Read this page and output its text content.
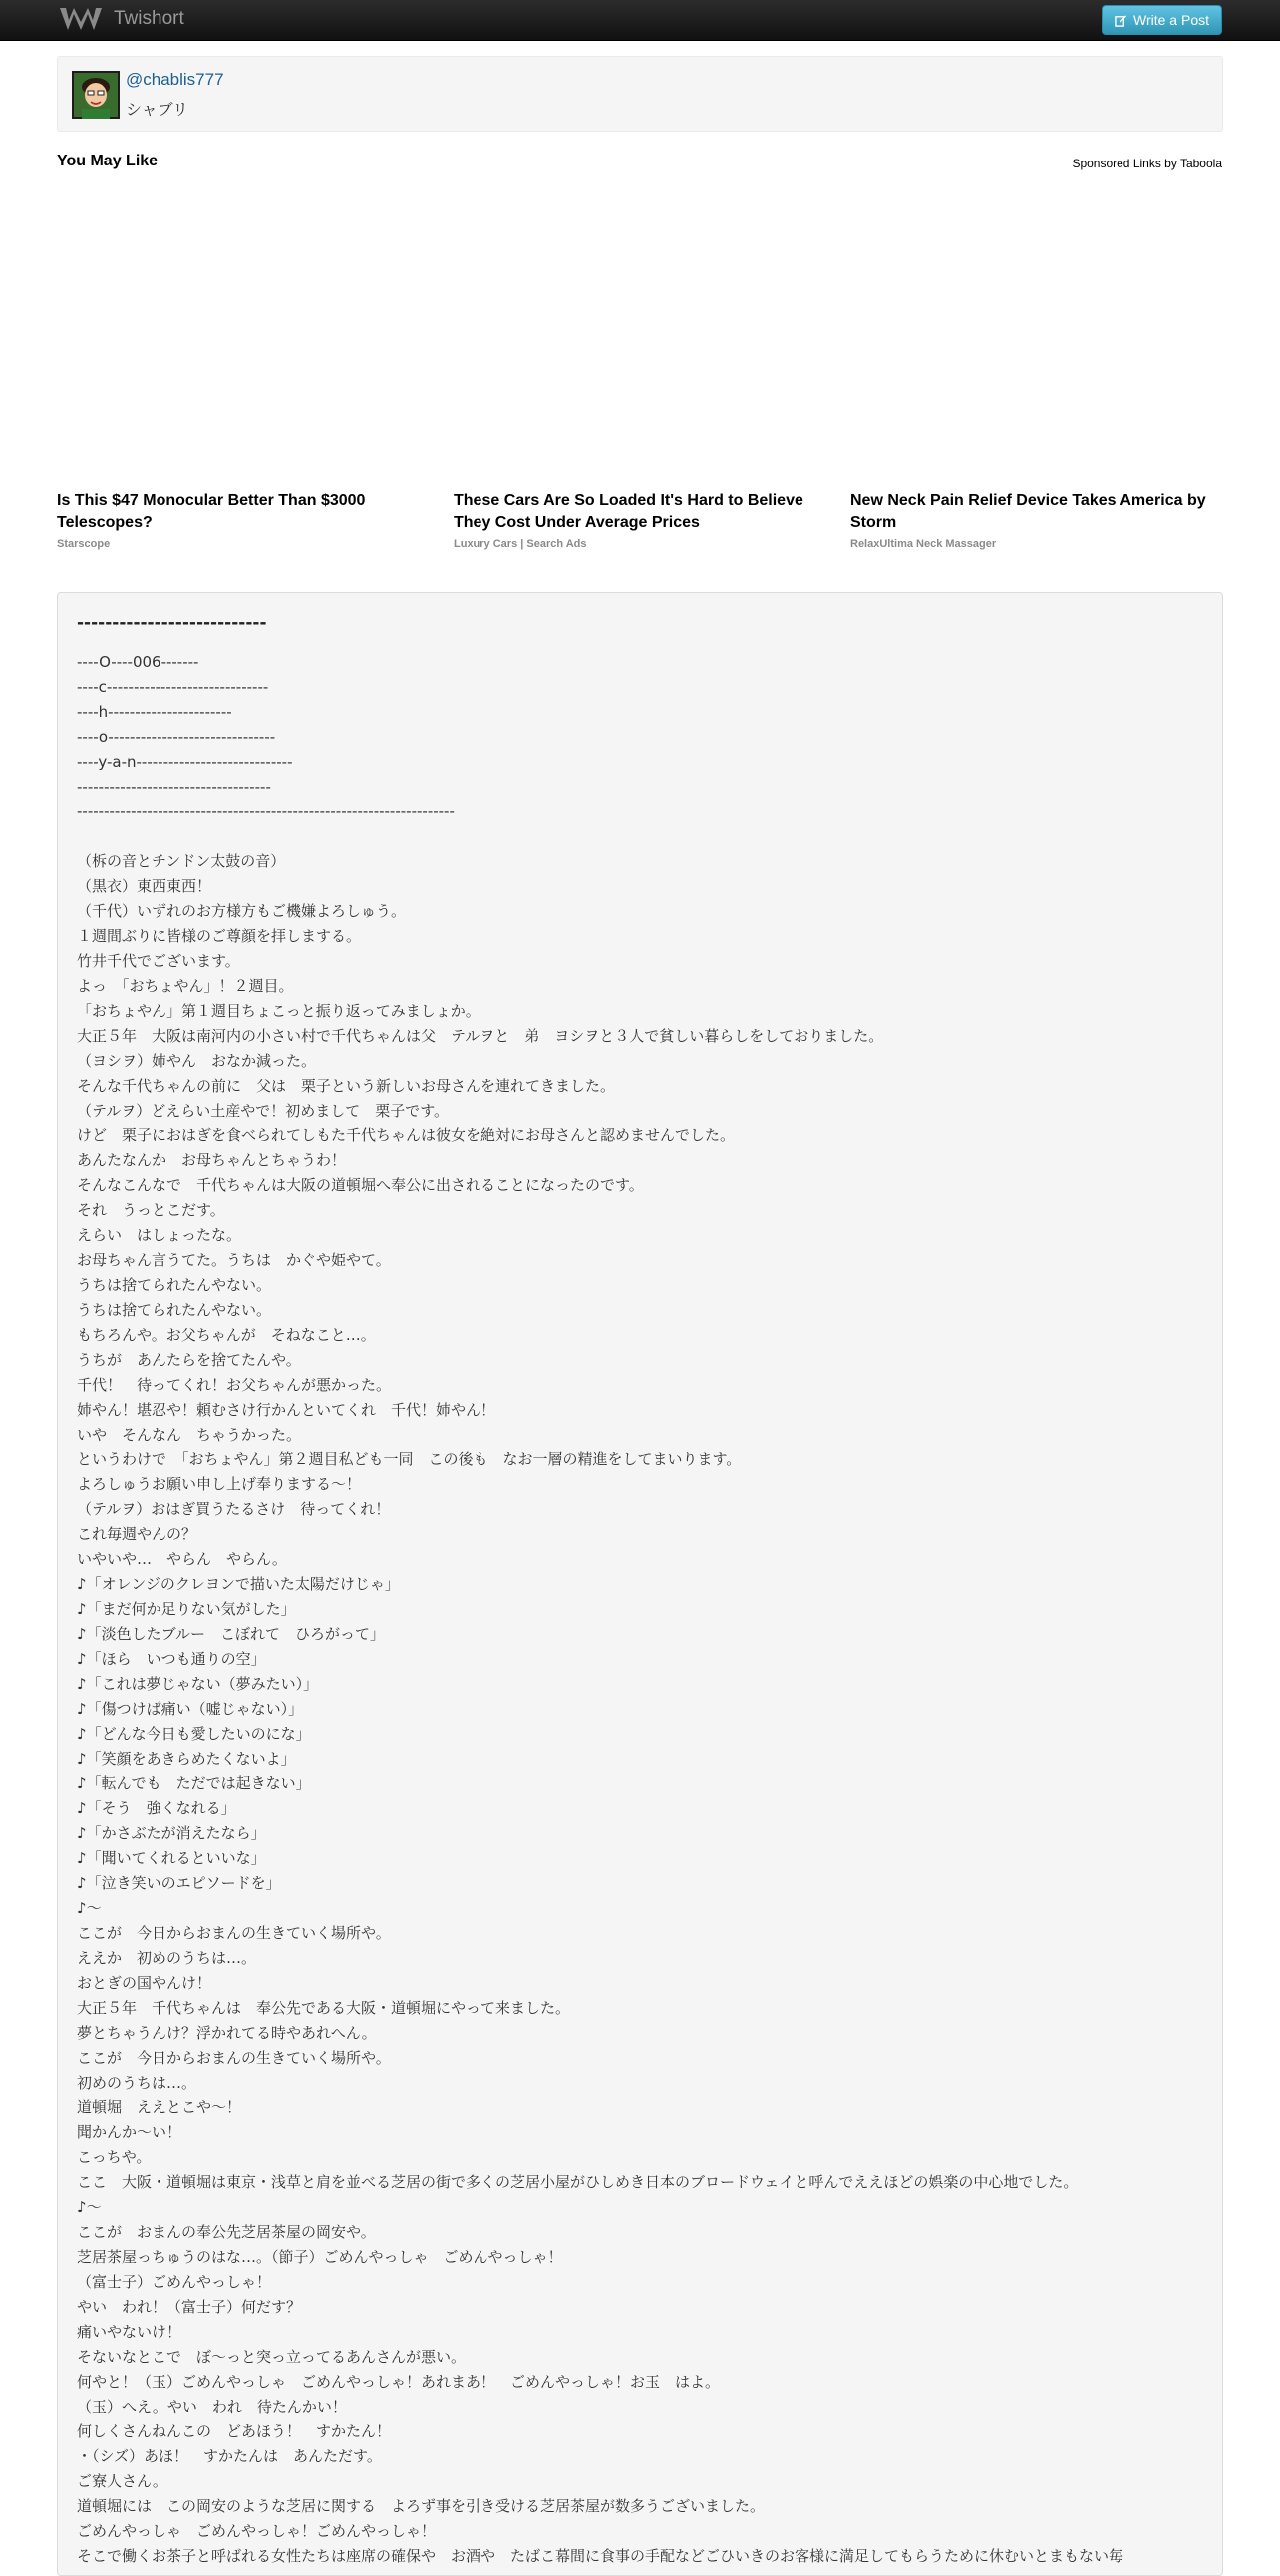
Twishort	Write a Post
@chablis777
シャブリ
You May Like	Sponsored Links by Taboola
Is This $47 Monocular Better Than $3000 Telescopes?
Starscope
These Cars Are So Loaded It's Hard to Believe They Cost Under Average Prices
Luxury Cars | Search Ads
New Neck Pain Relief Device Takes America by Storm
RelaxUltima Neck Massager
---------------------------
----O----006-------
----c------------------------------
----h-----------------------
----o-------------------------------
----y-a-n-----------------------------
------------------------------------
----------------------------------------------------------------------
（柝の音とチンドン太鼓の音）
（黒衣）東西東西！
（千代）いずれのお方様方もご機嫌よろしゅう。
１週間ぶりに皆様のご尊顔を拝しまする。
竹井千代でございます。
よっ　「おちょやん」！２週目。
「おちょやん」第１週目ちょこっと振り返ってみましょか。
大正５年　大阪は南河内の小さい村で千代ちゃんは父　テルヲと　弟　ヨシヲと３人で貧しい暮らしをしておりました。
（ヨシヲ）姉やん　おなか減った。
そんな千代ちゃんの前に　父は　栗子という新しいお母さんを連れてきました。
（テルヲ）どえらい土産やで！初めまして　栗子です。
けど　栗子におはぎを食べられてしもた千代ちゃんは彼女を絶対にお母さんと認めませんでした。
あんたなんか　お母ちゃんとちゃうわ！
そんなこんなで　千代ちゃんは大阪の道頓堀へ奉公に出されることになったのです。
それ　うっとこだす。
えらい　はしょったな。
お母ちゃん言うてた。うちは　かぐや姫やて。
うちは捨てられたんやない。
うちは捨てられたんやない。
もちろんや。お父ちゃんが　そねなこと…。
うちが　あんたらを捨てたんや。
千代！　待ってくれ！お父ちゃんが悪かった。
姉やん！堪忍や！頼むさけ行かんといてくれ　千代！姉やん！
いや　そんなん　ちゃうかった。
というわけで　「おちょやん」第２週目私ども一同　この後も　なお一層の精進をしてまいります。
よろしゅうお願い申し上げ奉りまする～！
（テルヲ）おはぎ買うたるさけ　待ってくれ！
これ毎週やんの？
いやいや…　やらん　やらん。
♪「オレンジのクレヨンで描いた太陽だけじゃ」
♪「まだ何か足りない気がした」
♪「淡色したブルー　こぼれて　ひろがって」
♪「ほら　いつも通りの空」
♪「これは夢じゃない（夢みたい）」
♪「傷つけば痛い（嘘じゃない）」
♪「どんな今日も愛したいのにな」
♪「笑顔をあきらめたくないよ」
♪「転んでも　ただでは起きない」
♪「そう　強くなれる」
♪「かさぶたが消えたなら」
♪「聞いてくれるといいな」
♪「泣き笑いのエピソードを」
♪～
ここが　今日からおまんの生きていく場所や。
ええか　初めのうちは…。
おとぎの国やんけ！
大正５年　千代ちゃんは　奉公先である大阪・道頓堀にやって来ました。
夢とちゃうんけ？浮かれてる時やあれへん。
ここが　今日からおまんの生きていく場所や。
初めのうちは…。
道頓堀　ええとこや～！
聞かんか～い！
こっちや。
ここ　大阪・道頓堀は東京・浅草と肩を並べる芝居の街で多くの芝居小屋がひしめき日本のブロードウェイと呼んでええほどの娯楽の中心地でした。
♪～
ここが　おまんの奉公先芝居茶屋の岡安や。
芝居茶屋っちゅうのはな…。（節子）ごめんやっしゃ　ごめんやっしゃ！
（富士子）ごめんやっしゃ！
やい　われ！（富士子）何だす？
痛いやないけ！
そないなとこで　ぼ～っと突っ立ってるあんさんが悪い。
何やと！（玉）ごめんやっしゃ　ごめんやっしゃ！あれまあ！　ごめんやっしゃ！お玉　はよ。
（玉）へえ。やい　われ　待たんかい！
何しくさんねんこの　どあほう！　すかたん！
・（シズ）あほ！　すかたんは　あんただす。
ご寮人さん。
道頓堀には　この岡安のような芝居に関する　よろず事を引き受ける芝居茶屋が数多うございました。
ごめんやっしゃ　ごめんやっしゃ！ごめんやっしゃ！
そこで働くお茶子と呼ばれる女性たちは座席の確保や　お酒や　たばこ幕間に食事の手配などごひいきのお客様に満足してもらうために休むいとまもない毎
